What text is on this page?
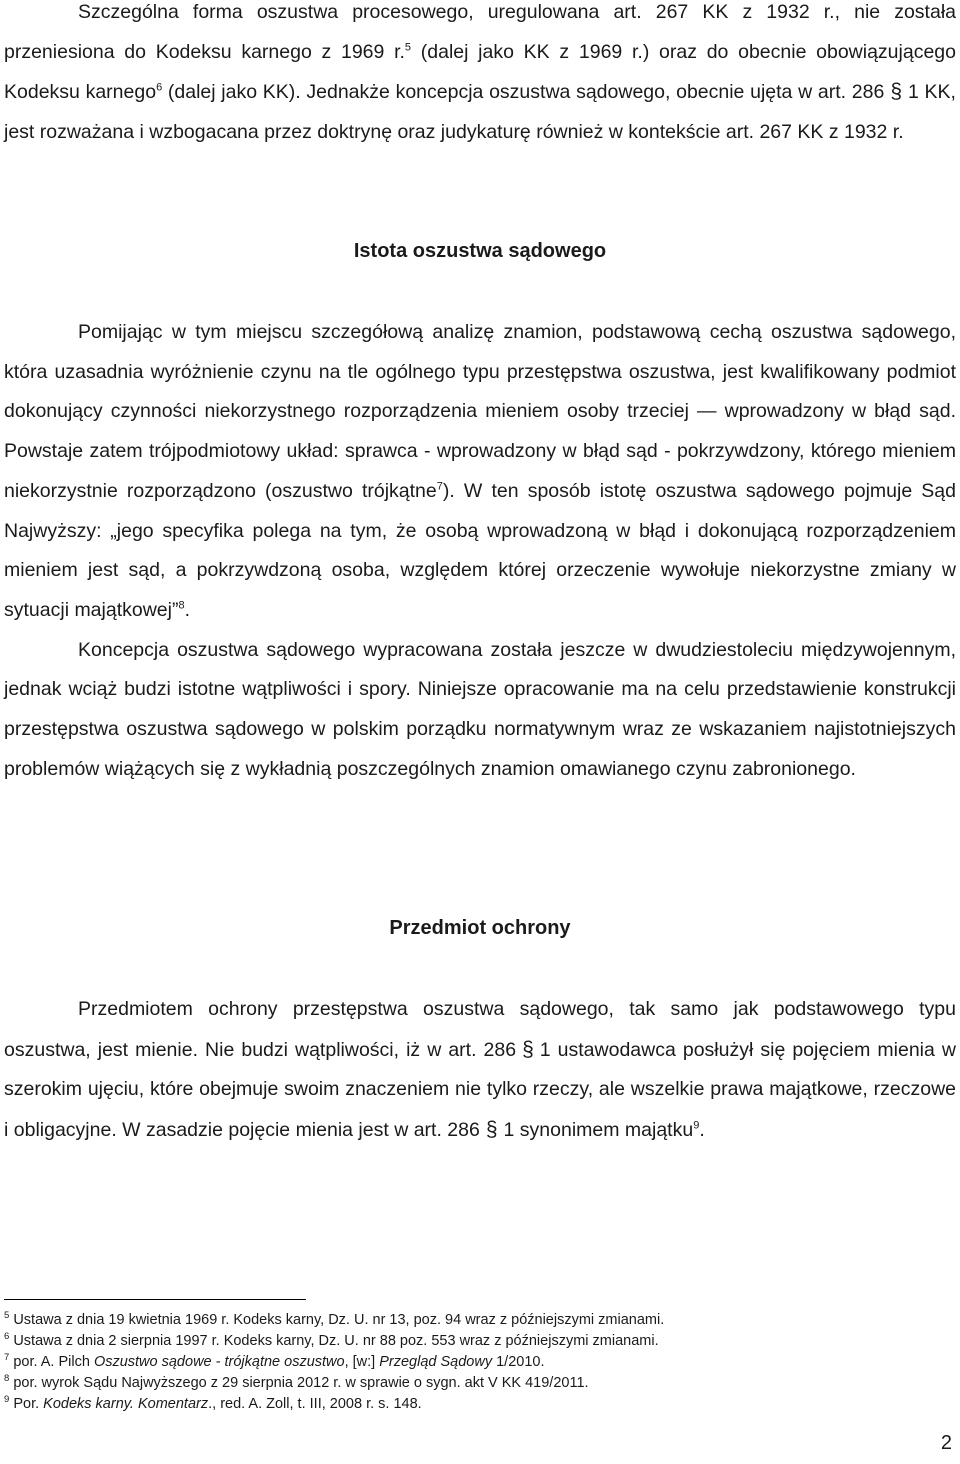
Szczególna forma oszustwa procesowego, uregulowana art. 267 KK z 1932 r., nie została przeniesiona do Kodeksu karnego z 1969 r.$^5$ (dalej jako KK z 1969 r.) oraz do obecnie obowiązującego Kodeksu karnego$^6$ (dalej jako KK). Jednakże koncepcja oszustwa sądowego, obecnie ujęta w art. 286 § 1 KK, jest rozważana i wzbogacana przez doktrynę oraz judykaturę również w kontekście art. 267 KK z 1932 r.

Istota oszustwa sądowego

Pomijając w tym miejscu szczegółową analizę znamion, podstawową cechą oszustwa sądowego, która uzasadnia wyróżnienie czynu na tle ogólnego typu przestępstwa oszustwa, jest kwalifikowany podmiot dokonujący czynności niekorzystnego rozporządzenia mieniem osoby trzeciej — wprowadzony w błąd sąd. Powstaje zatem trójpodmiotowy układ: sprawca - wprowadzony w błąd sąd - pokrzywdzony, którego mieniem niekorzystnie rozporządzono (oszustwo trójkątne$^7$). W ten sposób istotę oszustwa sądowego pojmuje Sąd Najwyższy: „jego specyfika polega na tym, że osobą wprowadzoną w błąd i dokonującą rozporządzeniem mieniem jest sąd, a pokrzywdzoną osoba, względem której orzeczenie wywołuje niekorzystne zmiany w sytuacji majątkowej”$^8$.
Koncepcja oszustwa sądowego wypracowana została jeszcze w dwudziestoleciu międzywojennym, jednak wciąż budzi istotne wątpliwości i spory. Niniejsze opracowanie ma na celu przedstawienie konstrukcji przestępstwa oszustwa sądowego w polskim porządku normatywnym wraz ze wskazaniem najistotniejszych problemów wiążących się z wykładnią poszczególnych znamion omawianego czynu zabronionego.

Przedmiot ochrony

Przedmiotem ochrony przestępstwa oszustwa sądowego, tak samo jak podstawowego typu oszustwa, jest mienie. Nie budzi wątpliwości, iż w art. 286 § 1 ustawodawca posłużył się pojęciem mienia w szerokim ujęciu, które obejmuje swoim znaczeniem nie tylko rzeczy, ale wszelkie prawa majątkowe, rzeczowe i obligacyjne. W zasadzie pojęcie mienia jest w art. 286 § 1 synonimem majątku$^9$.

$^5$ Ustawa z dnia 19 kwietnia 1969 r. Kodeks karny, Dz. U. nr 13, poz. 94 wraz z późniejszymi zmianami.
$^6$ Ustawa z dnia 2 sierpnia 1997 r. Kodeks karny, Dz. U. nr 88 poz. 553 wraz z późniejszymi zmianami.
$^7$ por. A. Pilch Oszustwo sądowe - trójkątne oszustwo, [w:] Przegląd Sądowy 1/2010.
$^8$ por. wyrok Sądu Najwyższego z 29 sierpnia 2012 r. w sprawie o sygn. akt V KK 419/2011.
$^9$ Por. Kodeks karny. Komentarz., red. A. Zoll, t. III, 2008 r. s. 148.
2
